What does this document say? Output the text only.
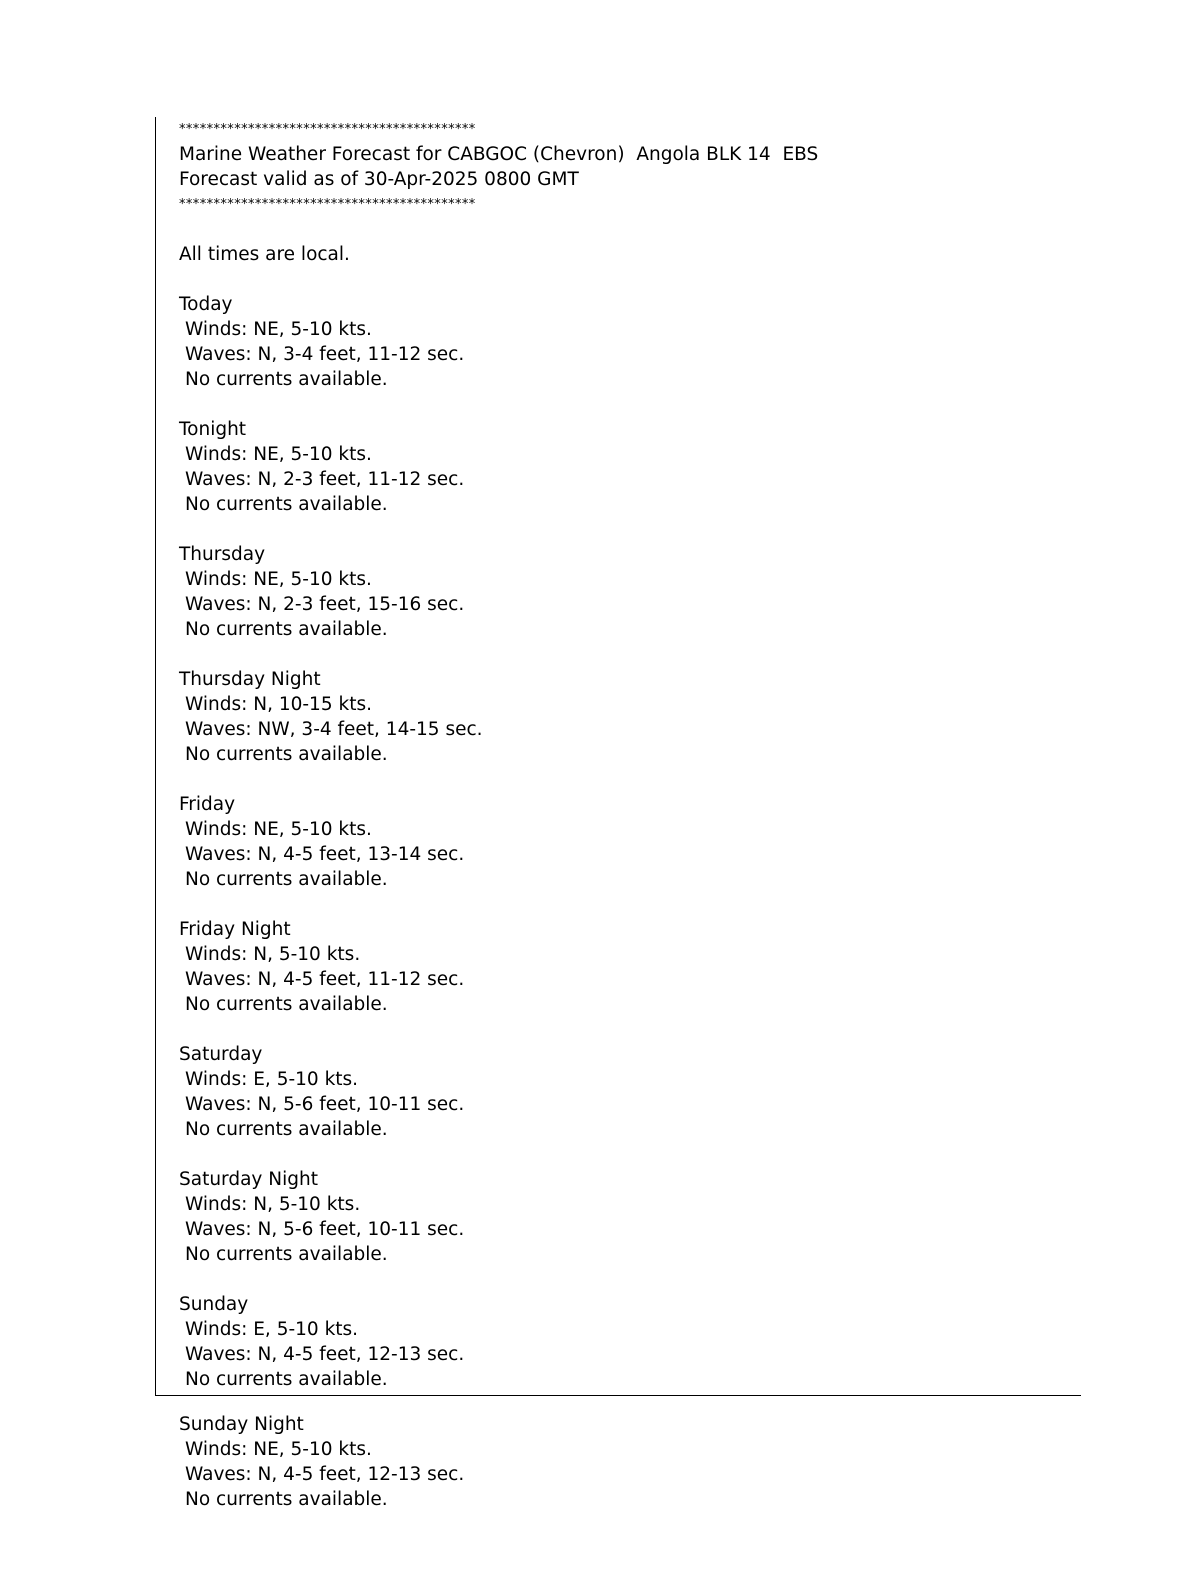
*******************************************
Marine Weather Forecast for CABGOC (Chevron)  Angola BLK 14  EBS
Forecast valid as of 30-Apr-2025 0800 GMT
*******************************************
All times are local.
Today
Winds: NE, 5-10 kts.
Waves: N, 3-4 feet, 11-12 sec.
No currents available.
Tonight
Winds: NE, 5-10 kts.
Waves: N, 2-3 feet, 11-12 sec.
No currents available.
Thursday
Winds: NE, 5-10 kts.
Waves: N, 2-3 feet, 15-16 sec.
No currents available.
Thursday Night
Winds: N, 10-15 kts.
Waves: NW, 3-4 feet, 14-15 sec.
No currents available.
Friday
Winds: NE, 5-10 kts.
Waves: N, 4-5 feet, 13-14 sec.
No currents available.
Friday Night
Winds: N, 5-10 kts.
Waves: N, 4-5 feet, 11-12 sec.
No currents available.
Saturday
Winds: E, 5-10 kts.
Waves: N, 5-6 feet, 10-11 sec.
No currents available.
Saturday Night
Winds: N, 5-10 kts.
Waves: N, 5-6 feet, 10-11 sec.
No currents available.
Sunday
Winds: E, 5-10 kts.
Waves: N, 4-5 feet, 12-13 sec.
No currents available.
Sunday Night
Winds: NE, 5-10 kts.
Waves: N, 4-5 feet, 12-13 sec.
No currents available.
